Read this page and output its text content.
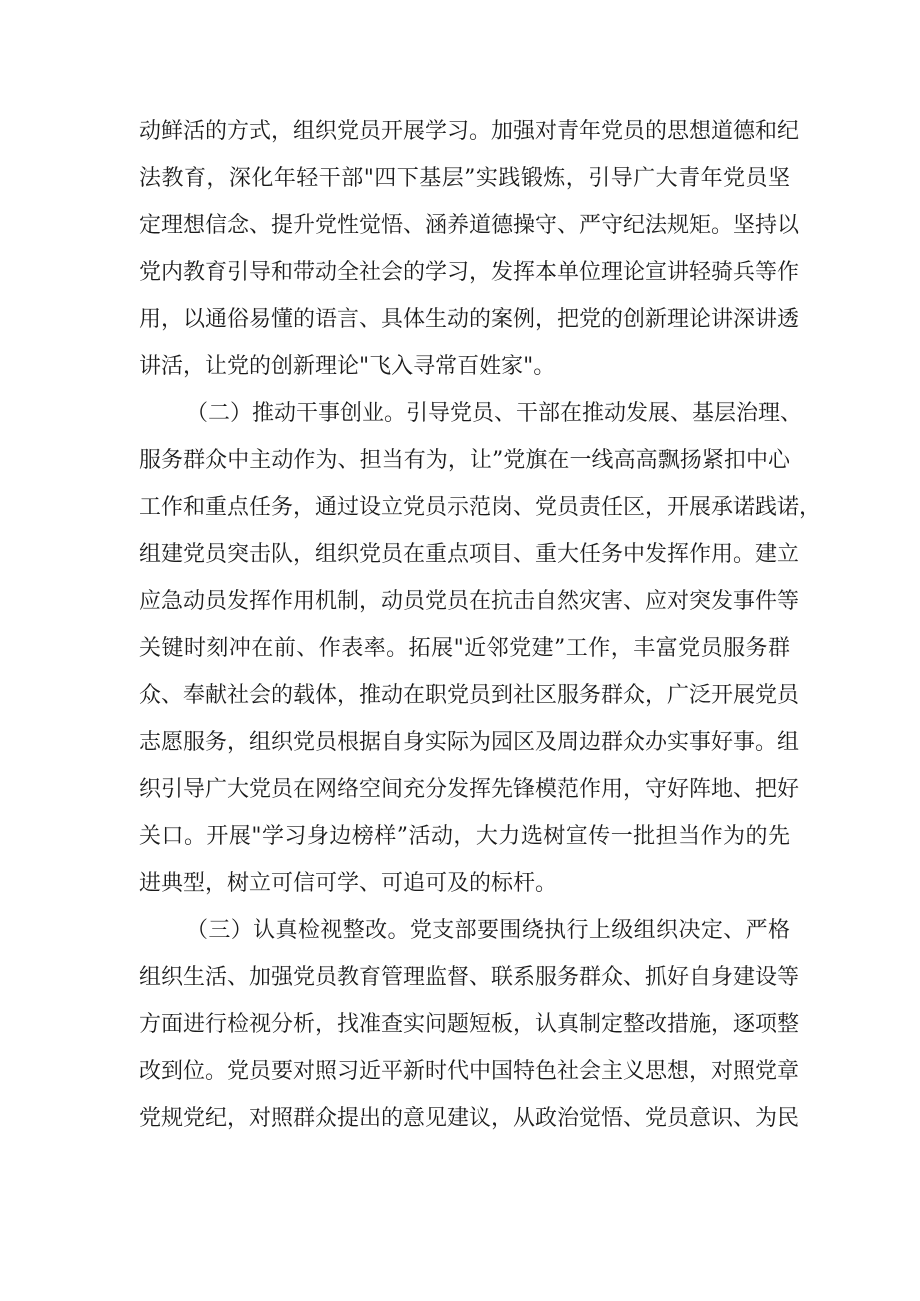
动鲜活的方式，组织党员开展学习。加强对青年党员的思想道德和纪
法教育，深化年轻干部"四下基层”实践锻炼，引导广大青年党员坚
定理想信念、提升党性觉悟、涵养道德操守、严守纪法规矩。坚持以
党内教育引导和带动全社会的学习，发挥本单位理论宣讲轻骑兵等作
用，以通俗易懂的语言、具体生动的案例，把党的创新理论讲深讲透
讲活，让党的创新理论"飞入寻常百姓家"。
（二）推动干事创业。引导党员、干部在推动发展、基层治理、
服务群众中主动作为、担当有为，让”党旗在一线高高飘扬紧扣中心
工作和重点任务，通过设立党员示范岗、党员责任区，开展承诺践诺，
组建党员突击队，组织党员在重点项目、重大任务中发挥作用。建立
应急动员发挥作用机制，动员党员在抗击自然灾害、应对突发事件等
关键时刻冲在前、作表率。拓展"近邻党建”工作，丰富党员服务群
众、奉献社会的载体，推动在职党员到社区服务群众，广泛开展党员
志愿服务，组织党员根据自身实际为园区及周边群众办实事好事。组
织引导广大党员在网络空间充分发挥先锋模范作用，守好阵地、把好
关口。开展"学习身边榜样”活动，大力选树宣传一批担当作为的先
进典型，树立可信可学、可追可及的标杆。
（三）认真检视整改。党支部要围绕执行上级组织决定、严格
组织生活、加强党员教育管理监督、联系服务群众、抓好自身建设等
方面进行检视分析，找准查实问题短板，认真制定整改措施，逐项整
改到位。党员要对照习近平新时代中国特色社会主义思想，对照党章
党规党纪，对照群众提出的意见建议，从政治觉悟、党员意识、为民
